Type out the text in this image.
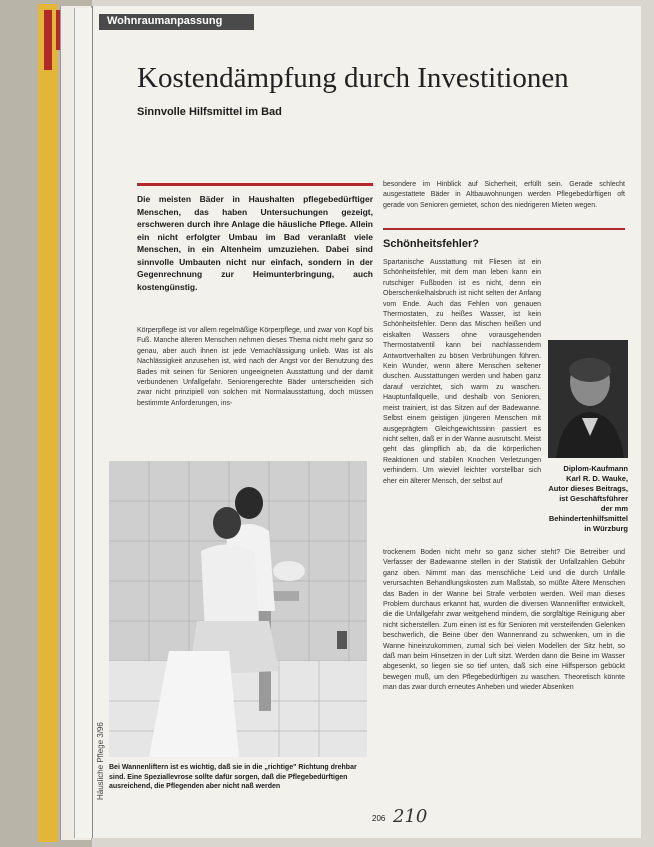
Häusliche Pflege 3/96
Wohnraumanpassung
Kostendämpfung durch Investitionen
Sinnvolle Hilfsmittel im Bad
Die meisten Bäder in Haushalten pflegebedürftiger Menschen, das haben Untersuchungen gezeigt, erschweren durch ihre Anlage die häusliche Pflege. Allein ein nicht erfolgter Umbau im Bad veranlaßt viele Menschen, in ein Altenheim umzuziehen. Dabei sind sinnvolle Umbauten nicht nur einfach, sondern in der Gegenrechnung zur Heimunterbringung, auch kostengünstig.
Körperpflege ist vor allem regelmäßige Körperpflege, und zwar von Kopf bis Fuß. Manche älteren Menschen nehmen dieses Thema nicht mehr ganz so genau, aber auch ihnen ist jede Vernachlässigung unlieb. Was ist als Nachlässigkeit anzusehen ist, wird nach der Angst vor der Benutzung des Bades mit seinen für Senioren ungeeigneten Ausstattung und der damit verbundenen Unfallgefahr. Seniorengerechte Bäder unterscheiden sich zwar nicht prinzipiell von solchen mit Normalausstattung, doch müssen bestimmte Anforderungen, ins-
besondere im Hinblick auf Sicherheit, erfüllt sein. Gerade schlecht ausgestattete Bäder in Altbauwohnungen werden Pflegebedürftigen oft gerade von Senioren gemietet, schon des niedrigeren Mieten wegen.
Schönheitsfehler?
Spartanische Ausstattung mit Fliesen ist ein Schönheitsfehler, mit dem man leben kann ein rutschiger Fußboden ist es nicht, denn ein Oberschenkelhalsbruch ist nicht selten der Anfang vom Ende. Auch das Fehlen von genauen Thermostaten, zu heißes Wasser, ist kein Schönheitsfehler. Denn das Mischen heißen und eiskalten Wassers ohne vorausgehenden Thermostatventil kann bei nachlassendem Antwortverhalten zu bösen Verbrühungen führen. Kein Wunder, wenn ältere Menschen seltener duschen. Ausstattungen werden und haben ganz darauf verzichtet, sich warm zu waschen. Hauptunfallquelle, und deshalb von Senioren, meist trainiert, ist das Sitzen auf der Badewanne. Selbst einem geistigen jüngeren Menschen mit ausgeprägtem Gleichgewichtssinn passiert es nicht selten, daß er in der Wanne ausrutscht. Meist geht das glimpflich ab, da die körperlichen Reaktionen und stabilen Knochen Verletzungen verhindern. Um wieviel leichter vorstellbar sich eher ein älterer Mensch, der selbst auf
trockenem Boden nicht mehr so ganz sicher steht? Die Betreiber und Verfasser der Badewanne stellen in der Statistik der Unfallzahlen Gebühr ganz oben. Nimmt man das menschliche Leid und die durch Unfälle verursachten Behandlungskosten zum Maßstab, so müßte Ältere Menschen das Baden in der Wanne bei Strafe verboten werden. Weil man dieses Problem durchaus erkannt hat, wurden die diversen Wannenlifter entwickelt, die die Unfallgefahr zwar weitgehend mindern, die sorgfältige Reinigung aber nicht sicherstellen. Zum einen ist es für Senioren mit versteifenden Gelenken beschwerlich, die Beine über den Wannenrand zu schwenken, um in die Wanne hineinzukommen, zumal sich bei vielen Modellen der Sitz hebt, so daß man beim Hinsetzen in der Luft sitzt. Werden dann die Beine im Wasser abgesenkt, so liegen sie so tief unten, daß sich eine Hilfsperson gebückt bewegen muß, um den Pflegebedürftigen zu waschen. Theoretisch könnte man das zwar durch erneutes Anheben und wieder Absenken
Diplom-Kaufmann Karl R. D. Wauke, Autor dieses Beitrags, ist Geschäftsführer der mm Behindertenhilfsmittel in Würzburg
Bei Wannenliftern ist es wichtig, daß sie in die „richtige" Richtung drehbar sind. Eine Speziallevrose sollte dafür sorgen, daß die Pflegebedürftigen ausreichend, die Pflegenden aber nicht naß werden
206 210
